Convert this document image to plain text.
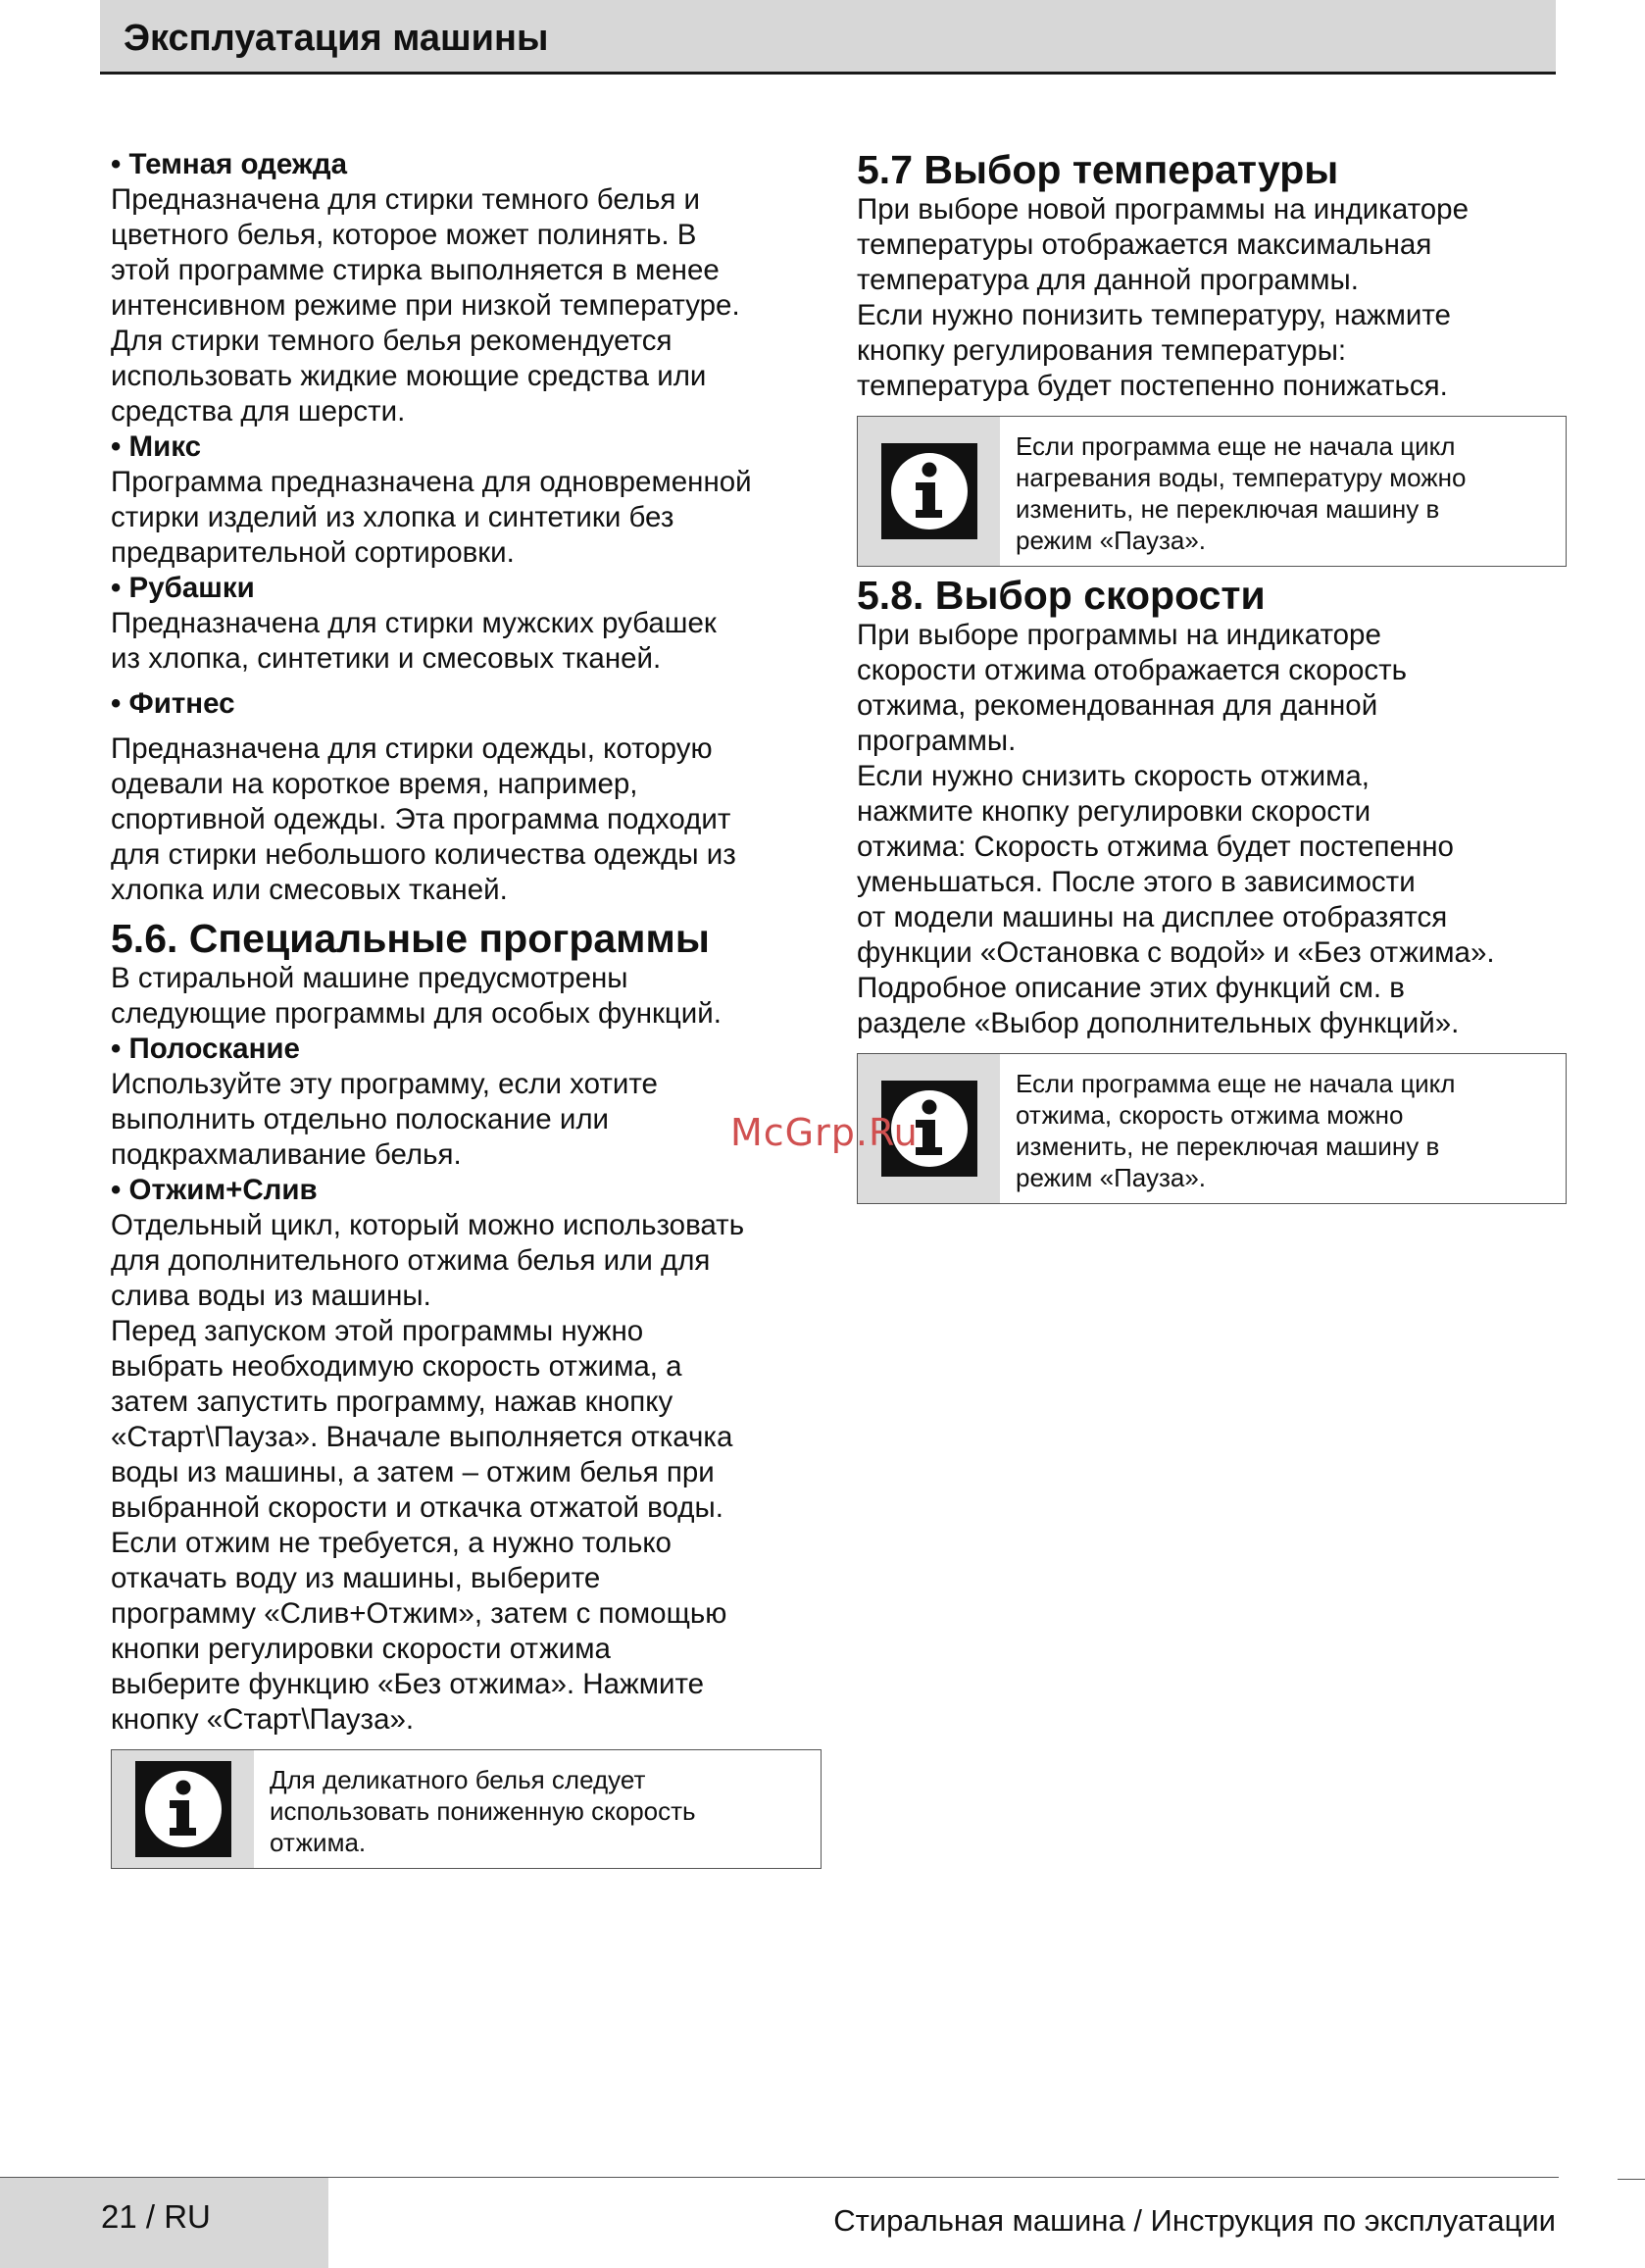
Эксплуатация машины

• Темная одежда

Предназначена для стирки темного белья и

цветного белья, которое может полинять. В

этой программе стирка выполняется в менее

интенсивном режиме при низкой температуре.

Для стирки темного белья рекомендуется

использовать жидкие моющие средства или

средства для шерсти.

• Микс

Программа предназначена для одновременной

стирки изделий из хлопка и синтетики без

предварительной сортировки.

• Рубашки

Предназначена для стирки мужских рубашек

из хлопка, синтетики и смесовых тканей.

• Фитнес

Предназначена для стирки одежды, которую

одевали на короткое время, например,

спортивной одежды. Эта программа подходит

для стирки небольшого количества одежды из

хлопка или смесовых тканей.

5.6. Специальные программы

В стиральной машине предусмотрены

следующие программы для особых функций.

• Полоскание

Используйте эту программу, если хотите

выполнить отдельно полоскание или

подкрахмаливание белья.

• Отжим+Слив

Отдельный цикл, который можно использовать

для дополнительного отжима белья или для

слива воды из машины.

Перед запуском этой программы нужно

выбрать необходимую скорость отжима, а

затем запустить программу, нажав кнопку

«Старт\Пауза». Вначале выполняется откачка

воды из машины, а затем – отжим белья при

выбранной скорости и откачка отжатой воды.

Если отжим не требуется, а нужно только

откачать воду из машины, выберите

программу «Слив+Отжим», затем с помощью

кнопки регулировки скорости отжима

выберите функцию «Без отжима». Нажмите

кнопку «Старт\Пауза».

Для деликатного белья следует
использовать пониженную скорость
отжима.

5.7 Выбор температуры

При выборе новой программы на индикаторе

температуры отображается максимальная

температура для данной программы.

Если нужно понизить температуру, нажмите

кнопку регулирования температуры:

температура будет постепенно понижаться.

Если программа еще не начала цикл
нагревания воды, температуру можно
изменить, не переключая машину в
режим «Пауза».

5.8. Выбор скорости

При выборе программы на индикаторе

скорости отжима отображается скорость

отжима, рекомендованная для данной

программы.

Если нужно снизить скорость отжима,

нажмите кнопку регулировки скорости

отжима: Скорость отжима будет постепенно

уменьшаться. После этого в зависимости

от модели машины на дисплее отобразятся

функции «Остановка с водой» и «Без отжима».

Подробное описание этих функций см. в

разделе «Выбор дополнительных функций».

Если программа еще не начала цикл
отжима, скорость отжима можно
изменить, не переключая машину в
режим «Пауза».
McGrp.Ru
21 / RU	Стиральная машина / Инструкция по эксплуатации
